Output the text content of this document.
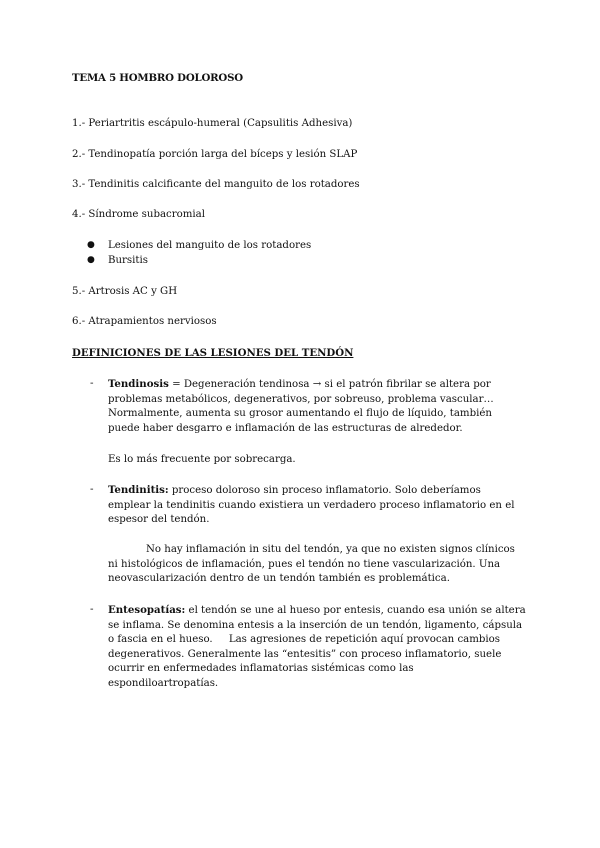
TEMA 5 HOMBRO DOLOROSO
1.- Periartritis escápulo-humeral (Capsulitis Adhesiva)
2.- Tendinopatía porción larga del bíceps y lesión SLAP
3.- Tendinitis calcificante del manguito de los rotadores
4.- Síndrome subacromial
● Lesiones del manguito de los rotadores
● Bursitis
5.- Artrosis AC y GH
6.- Atrapamientos nerviosos
DEFINICIONES DE LAS LESIONES DEL TENDÓN
- Tendinosis = Degeneración tendinosa → si el patrón fibrilar se altera por problemas metabólicos, degenerativos, por sobreuso, problema vascular… Normalmente, aumenta su grosor aumentando el flujo de líquido, también puede haber desgarro e inflamación de las estructuras de alrededor.
Es lo más frecuente por sobrecarga.
- Tendinitis: proceso doloroso sin proceso inflamatorio. Solo deberíamos emplear la tendinitis cuando existiera un verdadero proceso inflamatorio en el espesor del tendón.
No hay inflamación in situ del tendón, ya que no existen signos clínicos ni histológicos de inflamación, pues el tendón no tiene vascularización. Una neovascularización dentro de un tendón también es problemática.
- Entesopatías: el tendón se une al hueso por entesis, cuando esa unión se altera se inflama. Se denomina entesis a la inserción de un tendón, ligamento, cápsula o fascia en el hueso.     Las agresiones de repetición aquí provocan cambios degenerativos. Generalmente las “entesitis” con proceso inflamatorio, suele ocurrir en enfermedades inflamatorias sistémicas como las espondiloartropatías.
